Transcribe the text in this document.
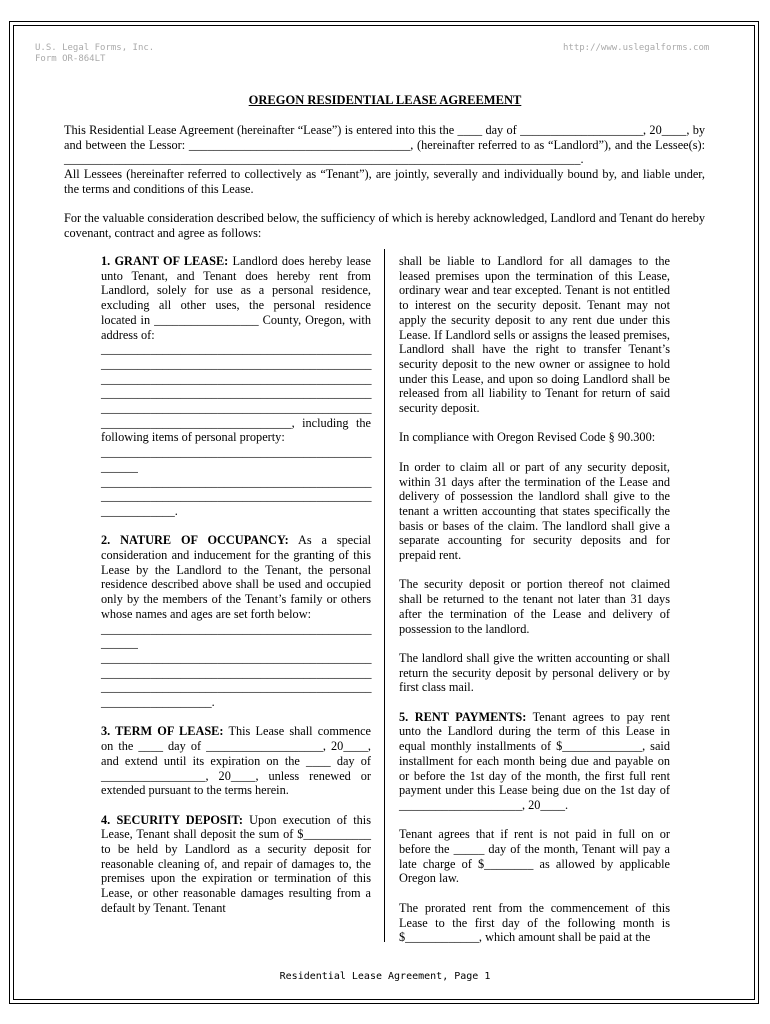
U.S. Legal Forms, Inc.
Form OR-864LT
http://www.uslegalforms.com
OREGON RESIDENTIAL LEASE AGREEMENT
This Residential Lease Agreement (hereinafter “Lease”) is entered into this the ____ day of ____________________, 20____, by and between the Lessor: ____________________________________, (hereinafter referred to as “Landlord”), and the Lessee(s): ____________________________________________________________________________________.
All Lessees (hereinafter referred to collectively as “Tenant”), are jointly, severally and individually bound by, and liable under, the terms and conditions of this Lease.
For the valuable consideration described below, the sufficiency of which is hereby acknowledged, Landlord and Tenant do hereby covenant, contract and agree as follows:

1. GRANT OF LEASE: Landlord does hereby lease unto Tenant, and Tenant does hereby rent from Landlord, solely for use as a personal residence, excluding all other uses, the personal residence located in _________________ County, Oregon, with address of:

____________________________________________
____________________________________________
____________________________________________
____________________________________________
____________________________________________

_______________________________, including the following items of personal property:

____________________________________________
______
____________________________________________
____________________________________________

____________.

2. NATURE OF OCCUPANCY: As a special consideration and inducement for the granting of this Lease by the Landlord to the Tenant, the personal residence described above shall be used and occupied only by the members of the Tenant’s family or others whose names and ages are set forth below:

____________________________________________
______
____________________________________________
____________________________________________
____________________________________________

__________________.

3. TERM OF LEASE: This Lease shall commence on the ____ day of ___________________, 20____, and extend until its expiration on the ____ day of _________________, 20____, unless renewed or extended pursuant to the terms herein.

4. SECURITY DEPOSIT: Upon execution of this Lease, Tenant shall deposit the sum of $___________ to be held by Landlord as a security deposit for reasonable cleaning of, and repair of damages to, the premises upon the expiration or termination of this Lease, or other reasonable damages resulting from a default by Tenant. Tenant

shall be liable to Landlord for all damages to the leased premises upon the termination of this Lease, ordinary wear and tear excepted. Tenant is not entitled to interest on the security deposit. Tenant may not apply the security deposit to any rent due under this Lease. If Landlord sells or assigns the leased premises, Landlord shall have the right to transfer Tenant’s security deposit to the new owner or assignee to hold under this Lease, and upon so doing Landlord shall be released from all liability to Tenant for return of said security deposit.

In compliance with Oregon Revised Code § 90.300:

In order to claim all or part of any security deposit, within 31 days after the termination of the Lease and delivery of possession the landlord shall give to the tenant a written accounting that states specifically the basis or bases of the claim. The landlord shall give a separate accounting for security deposits and for prepaid rent.

The security deposit or portion thereof not claimed shall be returned to the tenant not later than 31 days after the termination of the Lease and delivery of possession to the landlord.

The landlord shall give the written accounting or shall return the security deposit by personal delivery or by first class mail.

5. RENT PAYMENTS: Tenant agrees to pay rent unto the Landlord during the term of this Lease in equal monthly installments of $_____________, said installment for each month being due and payable on or before the 1st day of the month, the first full rent payment under this Lease being due on the 1st day of ____________________, 20____.

Tenant agrees that if rent is not paid in full on or before the _____ day of the month, Tenant will pay a late charge of $________ as allowed by applicable Oregon law.

The prorated rent from the commencement of this Lease to the first day of the following month is $____________, which amount shall be paid at the

Residential Lease Agreement, Page 1
